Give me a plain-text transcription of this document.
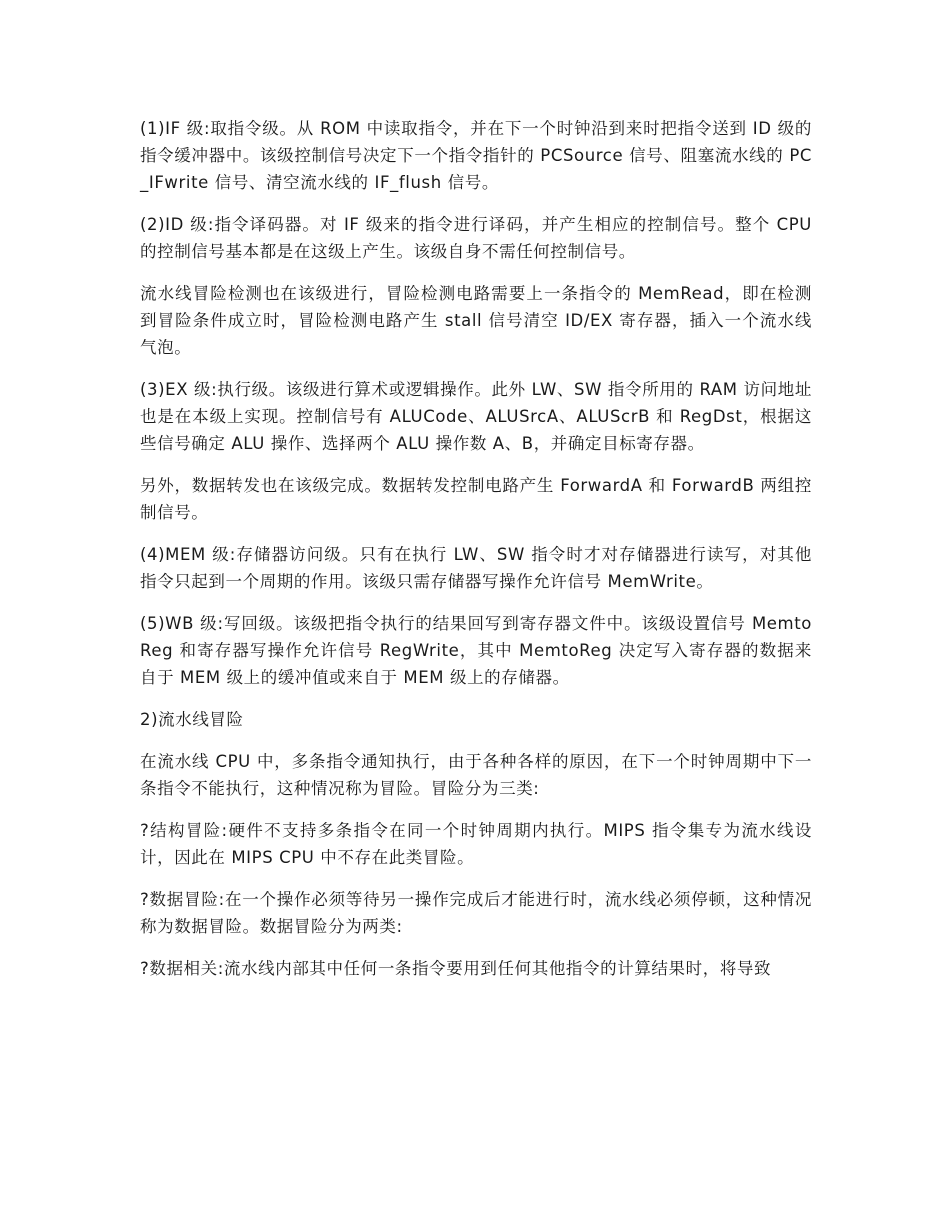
(1)IF 级:取指令级。从 ROM 中读取指令，并在下一个时钟沿到来时把指令送到 ID 级的指令缓冲器中。该级控制信号决定下一个指令指针的 PCSource 信号、阻塞流水线的 PC_IFwrite 信号、清空流水线的 IF_flush 信号。

(2)ID 级:指令译码器。对 IF 级来的指令进行译码，并产生相应的控制信号。整个 CPU 的控制信号基本都是在这级上产生。该级自身不需任何控制信号。

流水线冒险检测也在该级进行，冒险检测电路需要上一条指令的 MemRead，即在检测到冒险条件成立时，冒险检测电路产生 stall 信号清空 ID/EX 寄存器，插入一个流水线气泡。

(3)EX 级:执行级。该级进行算术或逻辑操作。此外 LW、SW 指令所用的 RAM 访问地址也是在本级上实现。控制信号有 ALUCode、ALUSrcA、ALUScrB 和 RegDst，根据这些信号确定 ALU 操作、选择两个 ALU 操作数 A、B，并确定目标寄存器。

另外，数据转发也在该级完成。数据转发控制电路产生 ForwardA 和 ForwardB 两组控制信号。

(4)MEM 级:存储器访问级。只有在执行 LW、SW 指令时才对存储器进行读写，对其他指令只起到一个周期的作用。该级只需存储器写操作允许信号 MemWrite。

(5)WB 级:写回级。该级把指令执行的结果回写到寄存器文件中。该级设置信号 MemtoReg 和寄存器写操作允许信号 RegWrite，其中 MemtoReg 决定写入寄存器的数据来自于 MEM 级上的缓冲值或来自于 MEM 级上的存储器。

2)流水线冒险

在流水线 CPU 中，多条指令通知执行，由于各种各样的原因，在下一个时钟周期中下一条指令不能执行，这种情况称为冒险。冒险分为三类:

?结构冒险:硬件不支持多条指令在同一个时钟周期内执行。MIPS 指令集专为流水线设计，因此在 MIPS CPU 中不存在此类冒险。

?数据冒险:在一个操作必须等待另一操作完成后才能进行时，流水线必须停顿，这种情况称为数据冒险。数据冒险分为两类:

?数据相关:流水线内部其中任何一条指令要用到任何其他指令的计算结果时，将导致
